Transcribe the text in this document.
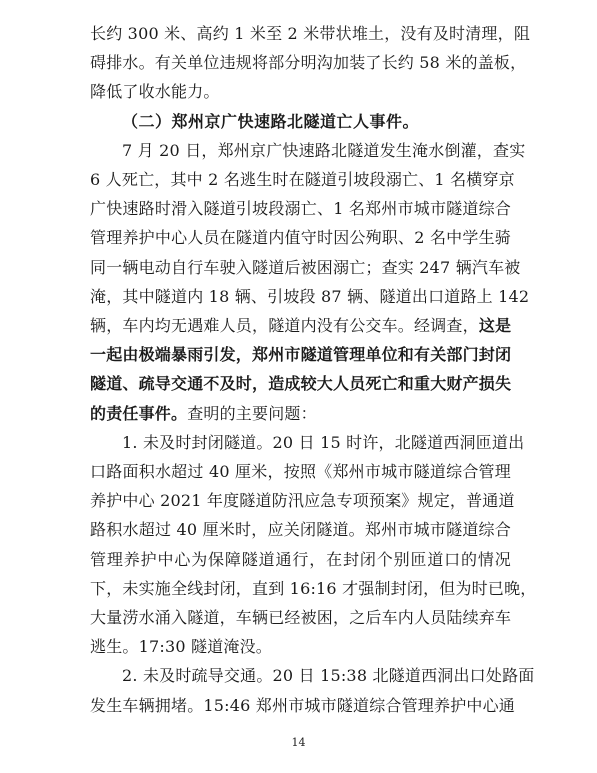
长约 300 米、高约 1 米至 2 米带状堆土，没有及时清理，阻
碍排水。有关单位违规将部分明沟加装了长约 58 米的盖板，
降低了收水能力。
（二）郑州京广快速路北隧道亡人事件。
7 月 20 日，郑州京广快速路北隧道发生淹水倒灌，查实
6 人死亡，其中 2 名逃生时在隧道引坡段溺亡、1 名横穿京
广快速路时滑入隧道引坡段溺亡、1 名郑州市城市隧道综合
管理养护中心人员在隧道内值守时因公殉职、2 名中学生骑
同一辆电动自行车驶入隧道后被困溺亡；查实 247 辆汽车被
淹，其中隧道内 18 辆、引坡段 87 辆、隧道出口道路上 142
辆，车内均无遇难人员，隧道内没有公交车。经调查，这是
一起由极端暴雨引发，郑州市隧道管理单位和有关部门封闭
隧道、疏导交通不及时，造成较大人员死亡和重大财产损失
的责任事件。查明的主要问题：
1. 未及时封闭隧道。20 日 15 时许，北隧道西洞匝道出
口路面积水超过 40 厘米，按照《郑州市城市隧道综合管理
养护中心 2021 年度隧道防汛应急专项预案》规定，普通道
路积水超过 40 厘米时，应关闭隧道。郑州市城市隧道综合
管理养护中心为保障隧道通行，在封闭个别匝道口的情况
下，未实施全线封闭，直到 16:16 才强制封闭，但为时已晚，
大量涝水涌入隧道，车辆已经被困，之后车内人员陆续弃车
逃生。17:30 隧道淹没。
2. 未及时疏导交通。20 日 15:38 北隧道西洞出口处路面
发生车辆拥堵。15:46 郑州市城市隧道综合管理养护中心通
14
